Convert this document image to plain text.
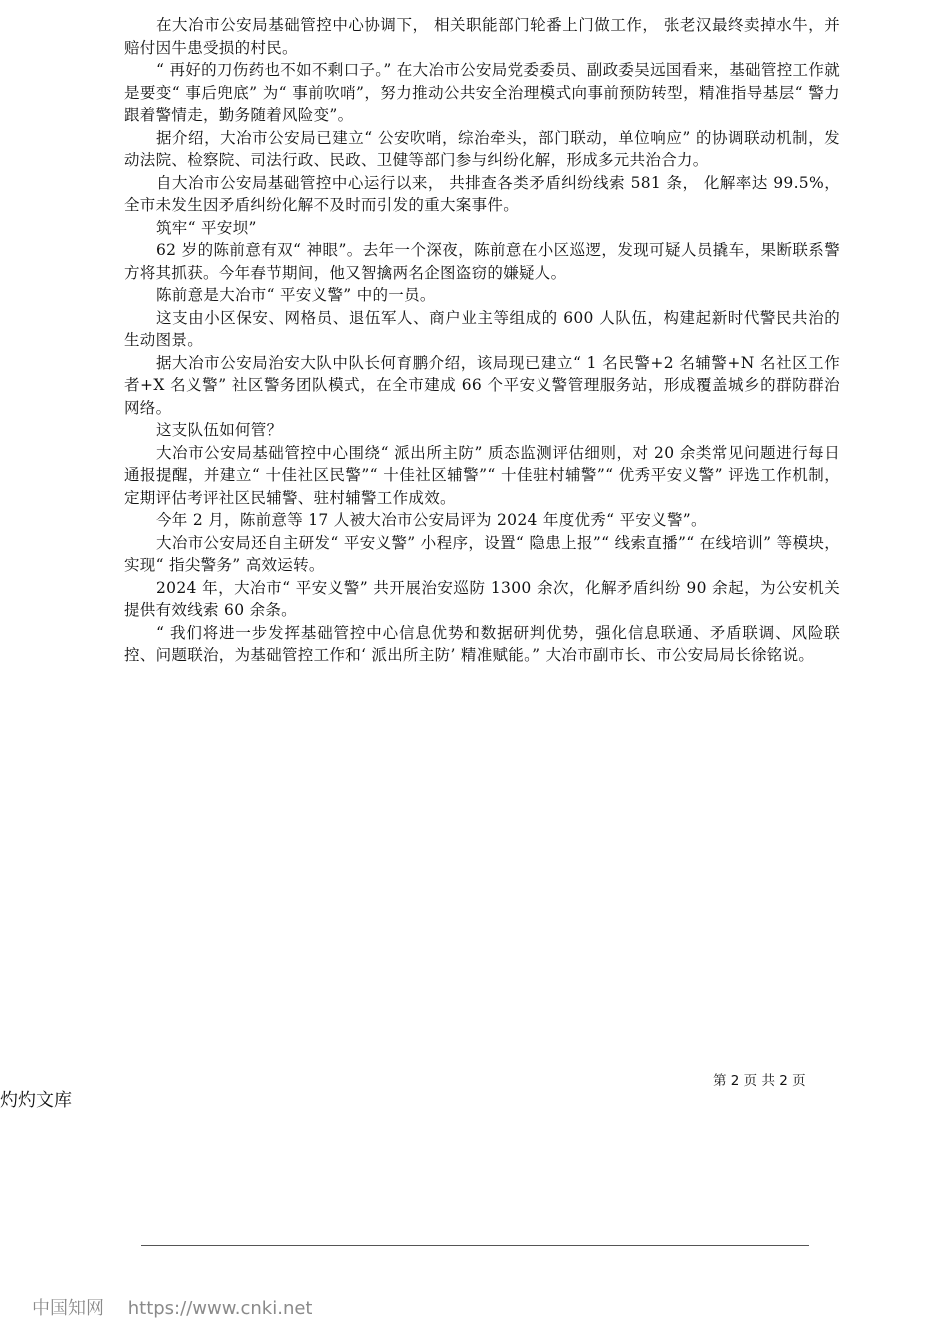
在大冶市公安局基础管控中心协调下， 相关职能部门轮番上门做工作， 张老汉最终卖掉水牛，并赔付因牛患受损的村民。

“ 再好的刀伤药也不如不剩口子。” 在大冶市公安局党委委员、副政委吴远国看来，基础管控工作就是要变“ 事后兜底” 为“ 事前吹哨”，努力推动公共安全治理模式向事前预防转型，精准指导基层“ 警力跟着警情走，勤务随着风险变”。

据介绍，大冶市公安局已建立“ 公安吹哨，综治牵头，部门联动，单位响应” 的协调联动机制，发动法院、检察院、司法行政、民政、卫健等部门参与纠纷化解，形成多元共治合力。

自大冶市公安局基础管控中心运行以来， 共排查各类矛盾纠纷线索 581 条， 化解率达 99.5%，全市未发生因矛盾纠纷化解不及时而引发的重大案事件。

筑牢“ 平安坝”

62 岁的陈前意有双“ 神眼”。去年一个深夜，陈前意在小区巡逻，发现可疑人员撬车，果断联系警方将其抓获。今年春节期间，他又智擒两名企图盗窃的嫌疑人。

陈前意是大冶市“ 平安义警” 中的一员。

这支由小区保安、网格员、退伍军人、商户业主等组成的 600 人队伍，构建起新时代警民共治的生动图景。

据大冶市公安局治安大队中队长何育鹏介绍，该局现已建立“ 1 名民警+2 名辅警+N 名社区工作者+X 名义警” 社区警务团队模式，在全市建成 66 个平安义警管理服务站，形成覆盖城乡的群防群治网络。

这支队伍如何管？

大冶市公安局基础管控中心围绕“ 派出所主防” 质态监测评估细则，对 20 余类常见问题进行每日通报提醒，并建立“ 十佳社区民警”“ 十佳社区辅警”“ 十佳驻村辅警”“ 优秀平安义警” 评选工作机制，定期评估考评社区民辅警、驻村辅警工作成效。

今年 2 月，陈前意等 17 人被大冶市公安局评为 2024 年度优秀“ 平安义警”。

大冶市公安局还自主研发“ 平安义警” 小程序，设置“ 隐患上报”“ 线索直播”“ 在线培训” 等模块，实现“ 指尖警务” 高效运转。

2024 年，大冶市“ 平安义警” 共开展治安巡防 1300 余次，化解矛盾纠纷 90 余起，为公安机关提供有效线索 60 余条。

“ 我们将进一步发挥基础管控中心信息优势和数据研判优势，强化信息联通、矛盾联调、风险联控、问题联治，为基础管控工作和‘ 派出所主防’ 精准赋能。” 大冶市副市长、市公安局局长徐铭说。

第 2 页 共 2 页
灼灼文库
中国知网 https://www.cnki.net
